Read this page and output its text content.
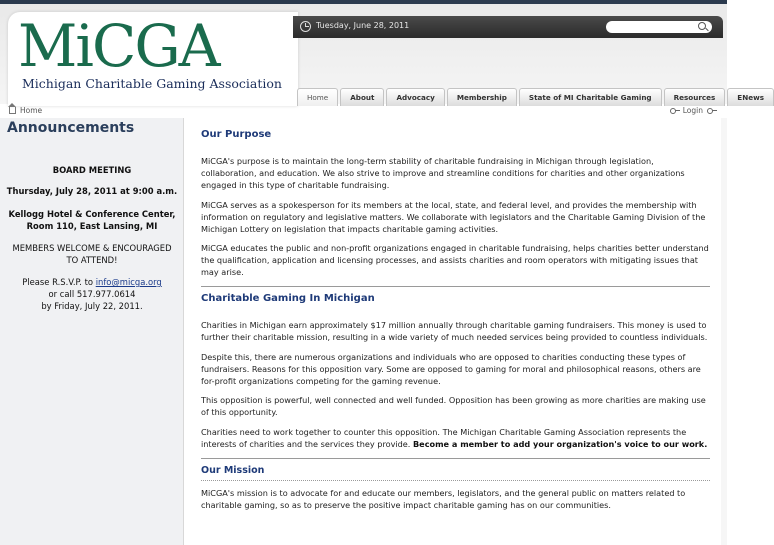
MiCGA
Michigan Charitable Gaming Association
Tuesday, June 28, 2011
Home	About	Advocacy	Membership	State of MI Charitable Gaming	Resources	ENews
Home	Login
Announcements
BOARD MEETING
Thursday, July 28, 2011 at 9:00 a.m.
Kellogg Hotel & Conference Center,
Room 110, East Lansing, MI
MEMBERS WELCOME & ENCOURAGED
TO ATTEND!
Please R.S.V.P. to info@micga.org
or call 517.977.0614
by Friday, July 22, 2011.
Our Purpose
MiCGA's purpose is to maintain the long-term stability of charitable fundraising in Michigan through legislation, collaboration, and education. We also strive to improve and streamline conditions for charities and other organizations engaged in this type of charitable fundraising.
MiCGA serves as a spokesperson for its members at the local, state, and federal level, and provides the membership with information on regulatory and legislative matters. We collaborate with legislators and the Charitable Gaming Division of the Michigan Lottery on legislation that impacts charitable gaming activities.
MiCGA educates the public and non-profit organizations engaged in charitable fundraising, helps charities better understand the qualification, application and licensing processes, and assists charities and room operators with mitigating issues that may arise.
Charitable Gaming In Michigan
Charities in Michigan earn approximately $17 million annually through charitable gaming fundraisers. This money is used to further their charitable mission, resulting in a wide variety of much needed services being provided to countless individuals.
Despite this, there are numerous organizations and individuals who are opposed to charities conducting these types of fundraisers. Reasons for this opposition vary. Some are opposed to gaming for moral and philosophical reasons, others are for-profit organizations competing for the gaming revenue.
This opposition is powerful, well connected and well funded. Opposition has been growing as more charities are making use of this opportunity.
Charities need to work together to counter this opposition. The Michigan Charitable Gaming Association represents the interests of charities and the services they provide. Become a member to add your organization's voice to our work.
Our Mission
MiCGA's mission is to advocate for and educate our members, legislators, and the general public on matters related to charitable gaming, so as to preserve the positive impact charitable gaming has on our communities.
